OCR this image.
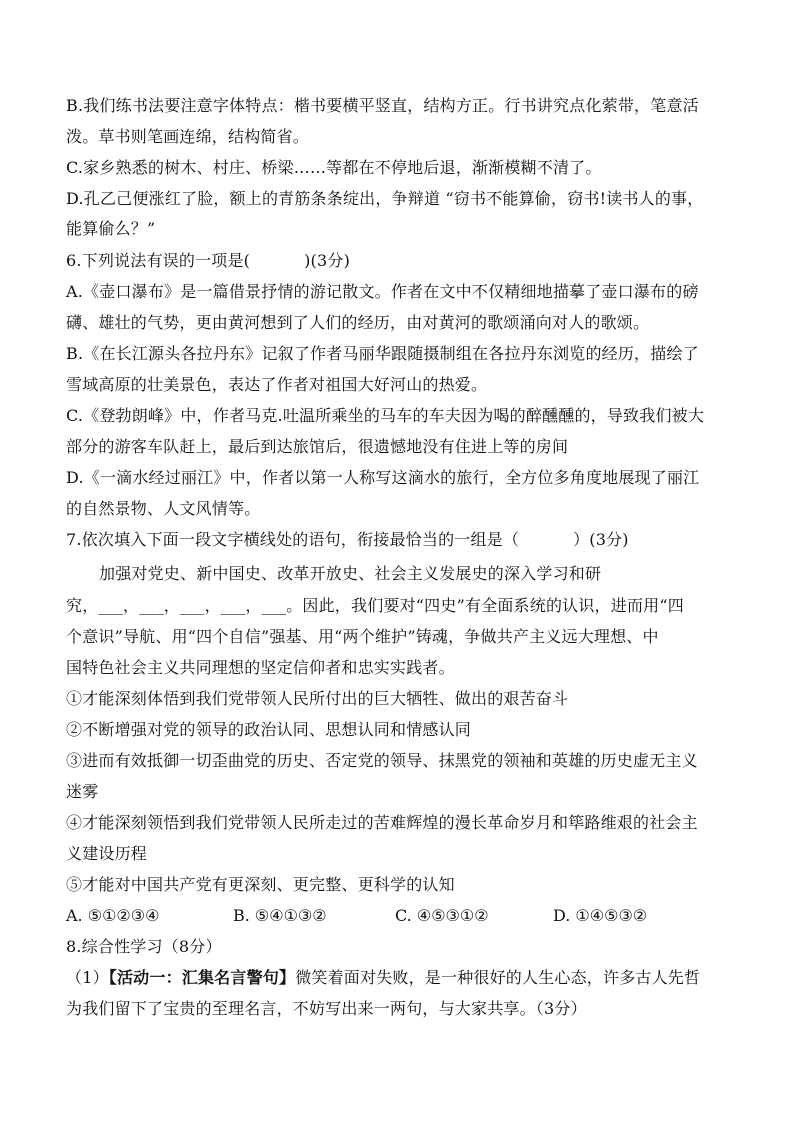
B.我们练书法要注意字体特点：楷书要横平竖直，结构方正。行书讲究点化萦带，笔意活
泼。草书则笔画连绵，结构简省。
C.家乡熟悉的树木、村庄、桥梁……等都在不停地后退，渐渐模糊不清了。
D.孔乙己便涨红了脸，额上的青筋条条绽出，争辩道 “窃书不能算偷，窃书!读书人的事，
能算偷么？”
6.下列说法有误的一项是(	)(3分)
A.《壶口瀑布》是一篇借景抒情的游记散文。作者在文中不仅精细地描摹了壶口瀑布的磅
礴、雄壮的气势，更由黄河想到了人们的经历，由对黄河的歌颂涌向对人的歌颂。
B.《在长江源头各拉丹东》记叙了作者马丽华跟随摄制组在各拉丹东浏览的经历，描绘了
雪域高原的壮美景色，表达了作者对祖国大好河山的热爱。
C.《登勃朗峰》中，作者马克.吐温所乘坐的马车的车夫因为喝的醉醺醺的，导致我们被大
部分的游客车队赶上，最后到达旅馆后，很遗憾地没有住进上等的房间
D.《一滴水经过丽江》中，作者以第一人称写这滴水的旅行，全方位多角度地展现了丽江
的自然景物、人文风情等。
7.依次填入下面一段文字横线处的语句，衔接最恰当的一组是（	）(3分)
加强对党史、新中国史、改革开放史、社会主义发展史的深入学习和研
究，___，___，___，___，___。因此，我们要对“四史”有全面系统的认识，进而用“四
个意识”导航、用“四个自信”强基、用“两个维护”铸魂，争做共产主义远大理想、中
国特色社会主义共同理想的坚定信仰者和忠实实践者。
①才能深刻体悟到我们党带领人民所付出的巨大牺牲、做出的艰苦奋斗
②不断增强对党的领导的政治认同、思想认同和情感认同
③进而有效抵御一切歪曲党的历史、否定党的领导、抹黑党的领袖和英雄的历史虚无主义
迷雾
④才能深刻领悟到我们党带领人民所走过的苦难辉煌的漫长革命岁月和筚路维艰的社会主
义建设历程
⑤才能对中国共产党有更深刻、更完整、更科学的认知
A. ⑤①②③④	B. ⑤④①③②	C. ④⑤③①②	D. ①④⑤③②
8.综合性学习（8分）
（1）【活动一：汇集名言警句】微笑着面对失败，是一种很好的人生心态，许多古人先哲
为我们留下了宝贵的至理名言，不妨写出来一两句，与大家共享。（3分）
